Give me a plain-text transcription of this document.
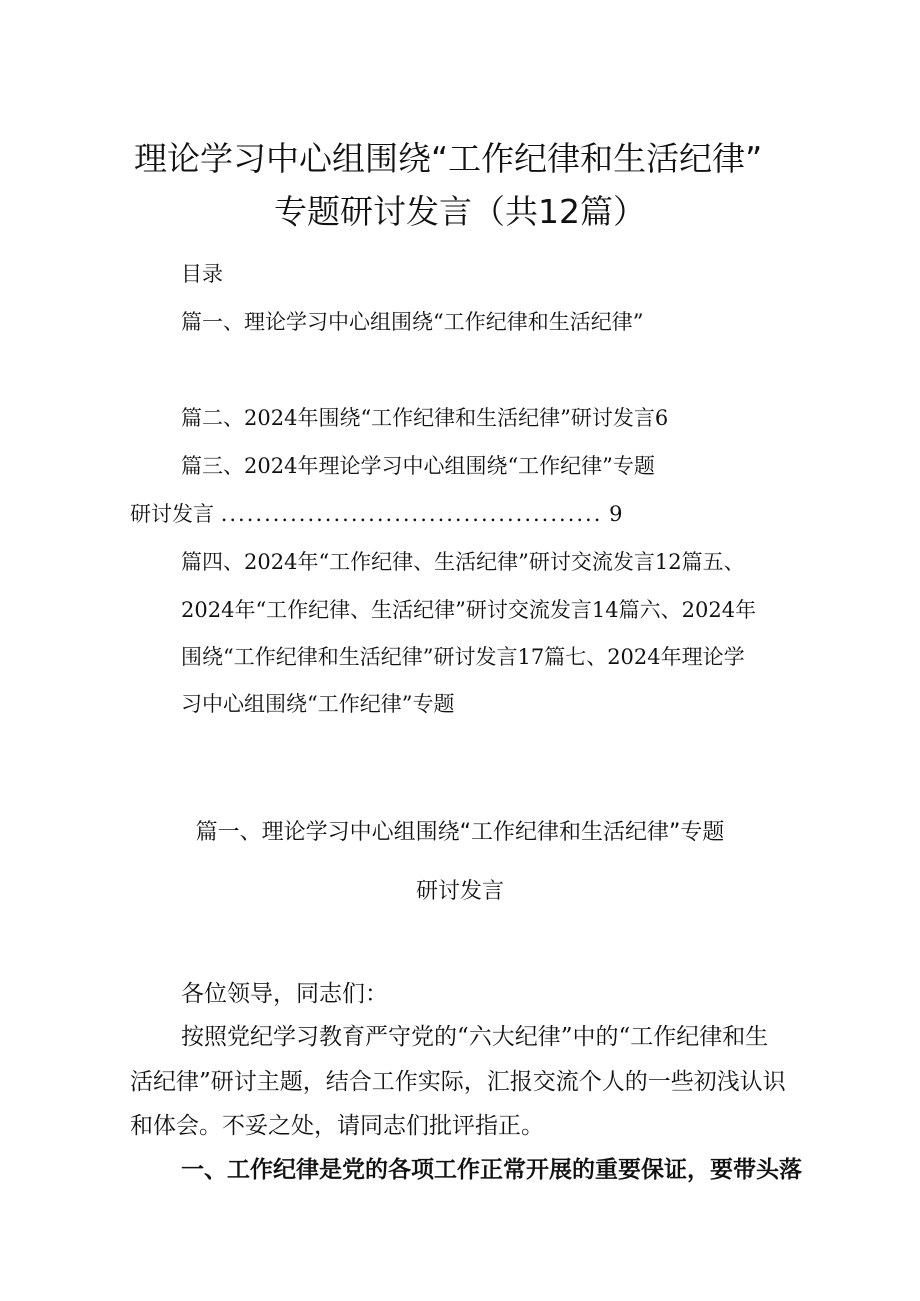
理论学习中心组围绕“工作纪律和生活纪律”
专题研讨发言（共12篇）
目录
篇一、理论学习中心组围绕“工作纪律和生活纪律”
篇二、2024年围绕“工作纪律和生活纪律”研讨发言6
篇三、2024年理论学习中心组围绕“工作纪律”专题
研讨发言 ............................................ 9
篇四、2024年“工作纪律、生活纪律”研讨交流发言12篇五、
2024年“工作纪律、生活纪律”研讨交流发言14篇六、2024年
围绕“工作纪律和生活纪律”研讨发言17篇七、2024年理论学
习中心组围绕“工作纪律”专题
篇一、理论学习中心组围绕“工作纪律和生活纪律”专题
研讨发言
各位领导，同志们：
按照党纪学习教育严守党的“六大纪律”中的“工作纪律和生
活纪律”研讨主题，结合工作实际，汇报交流个人的一些初浅认识
和体会。不妥之处，请同志们批评指正。
一、工作纪律是党的各项工作正常开展的重要保证，要带头落
